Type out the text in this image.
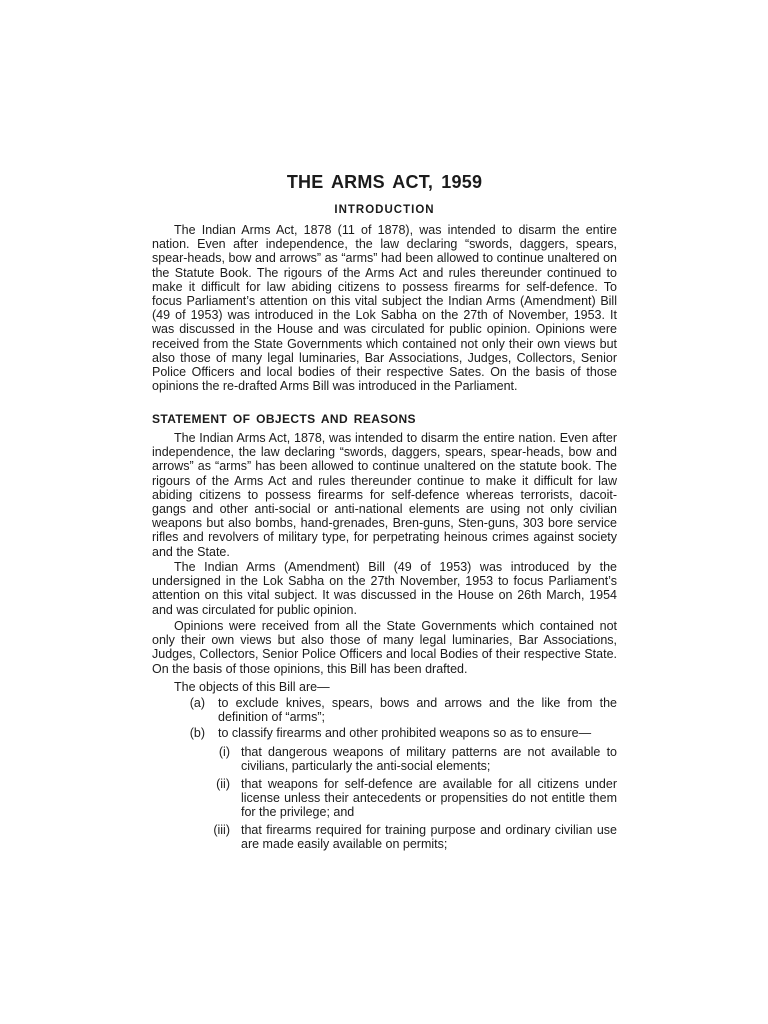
THE ARMS ACT, 1959
INTRODUCTION

The Indian Arms Act, 1878 (11 of 1878), was intended to disarm the entire nation. Even after independence, the law declaring “swords, daggers, spears, spear-heads, bow and arrows” as “arms” had been allowed to continue unaltered on the Statute Book. The rigours of the Arms Act and rules thereunder continued to make it difficult for law abiding citizens to possess firearms for self-defence. To focus Parliament’s attention on this vital subject the Indian Arms (Amendment) Bill (49 of 1953) was introduced in the Lok Sabha on the 27th of November, 1953. It was discussed in the House and was circulated for public opinion. Opinions were received from the State Governments which contained not only their own views but also those of many legal luminaries, Bar Associations, Judges, Collectors, Senior Police Officers and local bodies of their respective Sates. On the basis of those opinions the re-drafted Arms Bill was introduced in the Parliament.

STATEMENT OF OBJECTS AND REASONS

The Indian Arms Act, 1878, was intended to disarm the entire nation. Even after independence, the law declaring “swords, daggers, spears, spear-heads, bow and arrows” as “arms” has been allowed to continue unaltered on the statute book. The rigours of the Arms Act and rules thereunder continue to make it difficult for law abiding citizens to possess firearms for self-defence whereas terrorists, dacoit-gangs and other anti-social or anti-national elements are using not only civilian weapons but also bombs, hand-grenades, Bren-guns, Sten-guns, 303 bore service rifles and revolvers of military type, for perpetrating heinous crimes against society and the State.

The Indian Arms (Amendment) Bill (49 of 1953) was introduced by the undersigned in the Lok Sabha on the 27th November, 1953 to focus Parliament’s attention on this vital subject. It was discussed in the House on 26th March, 1954 and was circulated for public opinion.

Opinions were received from all the State Governments which contained not only their own views but also those of many legal luminaries, Bar Associations, Judges, Collectors, Senior Police Officers and local Bodies of their respective State. On the basis of those opinions, this Bill has been drafted.

The objects of this Bill are—

(a) to exclude knives, spears, bows and arrows and the like from the definition of “arms”;

(b) to classify firearms and other prohibited weapons so as to ensure—

(i) that dangerous weapons of military patterns are not available to civilians, particularly the anti-social elements;

(ii) that weapons for self-defence are available for all citizens under license unless their antecedents or propensities do not entitle them for the privilege; and

(iii) that firearms required for training purpose and ordinary civilian use are made easily available on permits;
